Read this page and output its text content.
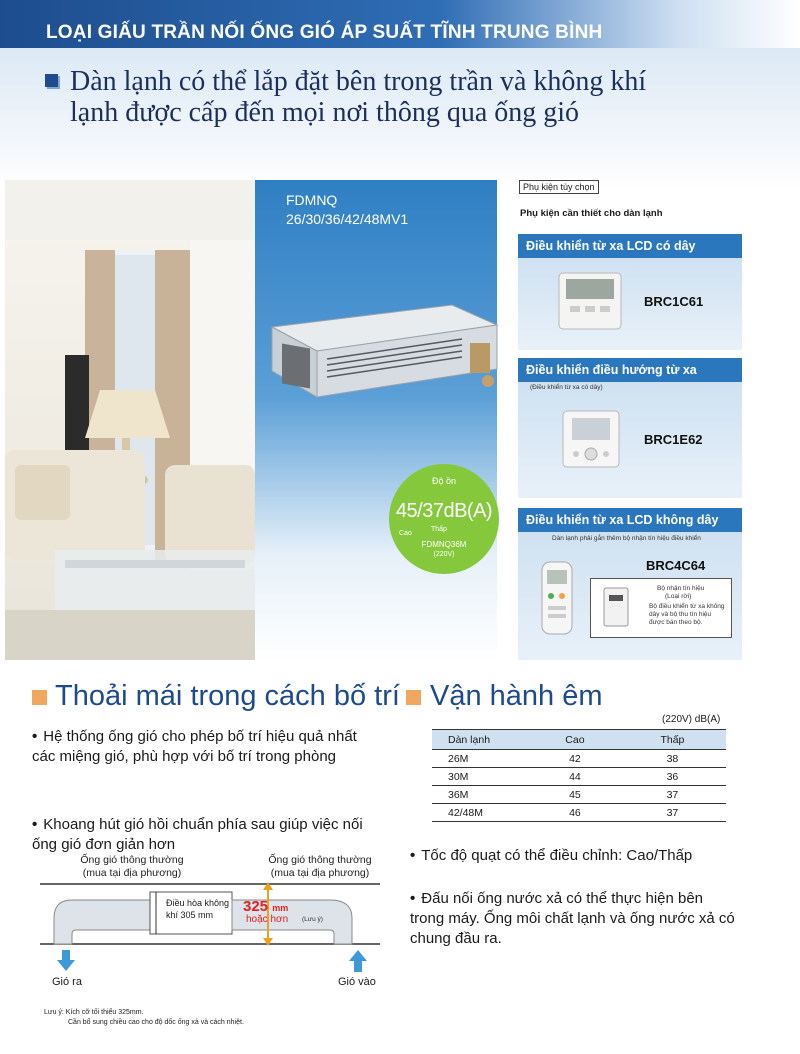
LOẠI GIẤU TRẦN NỐI ỐNG GIÓ ÁP SUẤT TĨNH TRUNG BÌNH
Dàn lạnh có thể lắp đặt bên trong trần và không khí
lạnh được cấp đến mọi nơi thông qua ống gió
FDMNQ
26/30/36/42/48MV1
Độ ồn
45/37dB(A)
Cao
Thấp
FDMNQ36M
(220V)
Phụ kiện tùy chọn
Phụ kiện cần thiết cho dàn lạnh
Điều khiển từ xa LCD có dây
BRC1C61
Điều khiển điều hướng từ xa
(Điều khiển từ xa có dây)
BRC1E62
Điều khiển từ xa LCD không dây
Dàn lạnh phải gắn thêm bộ nhận tín hiệu điều khiển
BRC4C64
Bộ nhận tín hiệu
(Loại rời)
Bộ điều khiển từ xa không dây và bộ thu tín hiệu được bán theo bộ.
Thoải mái trong cách bố trí
• Hệ thống ống gió cho phép bố trí hiệu quả nhất các miệng gió, phù hợp với bố trí trong phòng
• Khoang hút gió hồi chuẩn phía sau giúp việc nối ống gió đơn giản hơn
Ống gió thông thường
(mua tại địa phương)
Ống gió thông thường
(mua tại địa phương)
Điều hòa không
khí 305 mm	325 mm
hoặc hơn (Lưu ý)
Gió ra	Gió vào
Lưu ý: Kích cỡ tối thiểu 325mm.
Cần bổ sung chiều cao cho độ dốc ống xả và cách nhiệt.
Vận hành êm
(220V) dB(A)
Dàn lạnh	Cao	Thấp
26M	42	38
30M	44	36
36M	45	37
42/48M	46	37
• Tốc độ quạt có thể điều chỉnh: Cao/Thấp
• Đấu nối ống nước xả có thể thực hiện bên trong máy. Ống môi chất lạnh và ống nước xả có chung đầu ra.
